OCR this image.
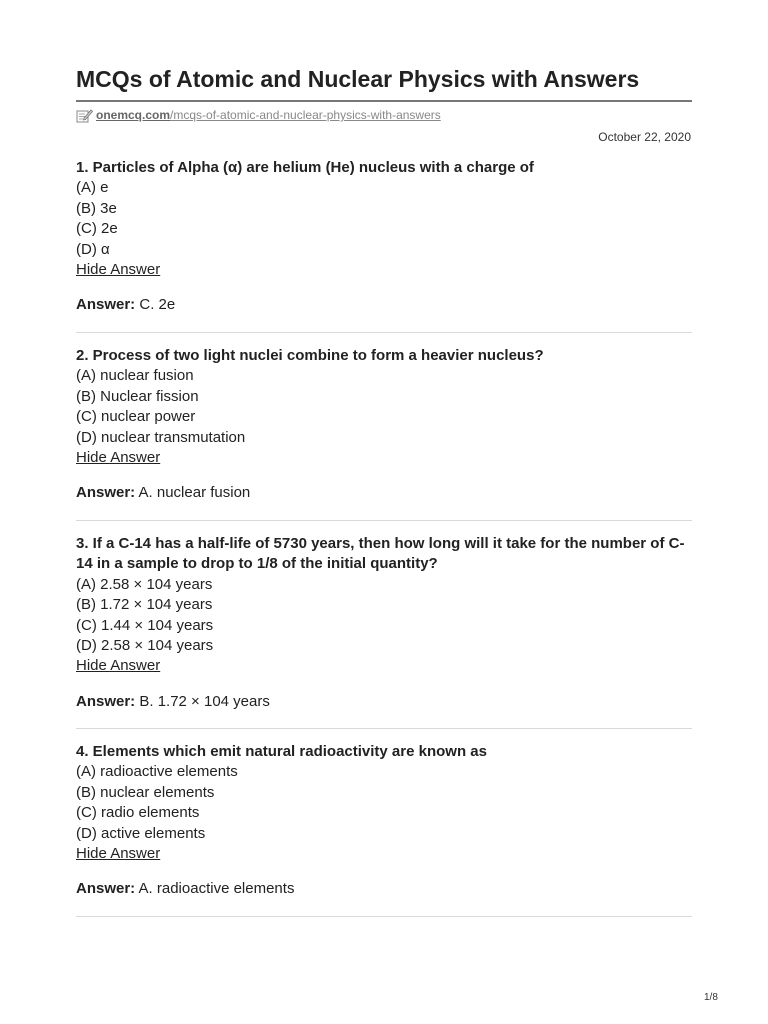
MCQs of Atomic and Nuclear Physics with Answers
onemcq.com /mcqs-of-atomic-and-nuclear-physics-with-answers
October 22, 2020

1. Particles of Alpha (α) are helium (He) nucleus with a charge of

(A) e

(B) 3e

(C) 2e

(D) α

Hide Answer
Answer: C. 2e

2. Process of two light nuclei combine to form a heavier nucleus?

(A) nuclear fusion

(B) Nuclear fission

(C) nuclear power

(D) nuclear transmutation

Hide Answer
Answer: A. nuclear fusion

3. If a C-14 has a half-life of 5730 years, then how long will it take for the number of C-14 in a sample to drop to 1/8 of the initial quantity?

(A) 2.58 × 104 years

(B) 1.72 × 104 years

(C) 1.44 × 104 years

(D) 2.58 × 104 years

Hide Answer
Answer: B. 1.72 × 104 years

4. Elements which emit natural radioactivity are known as

(A) radioactive elements

(B) nuclear elements

(C) radio elements

(D) active elements

Hide Answer
Answer: A. radioactive elements
1/8
